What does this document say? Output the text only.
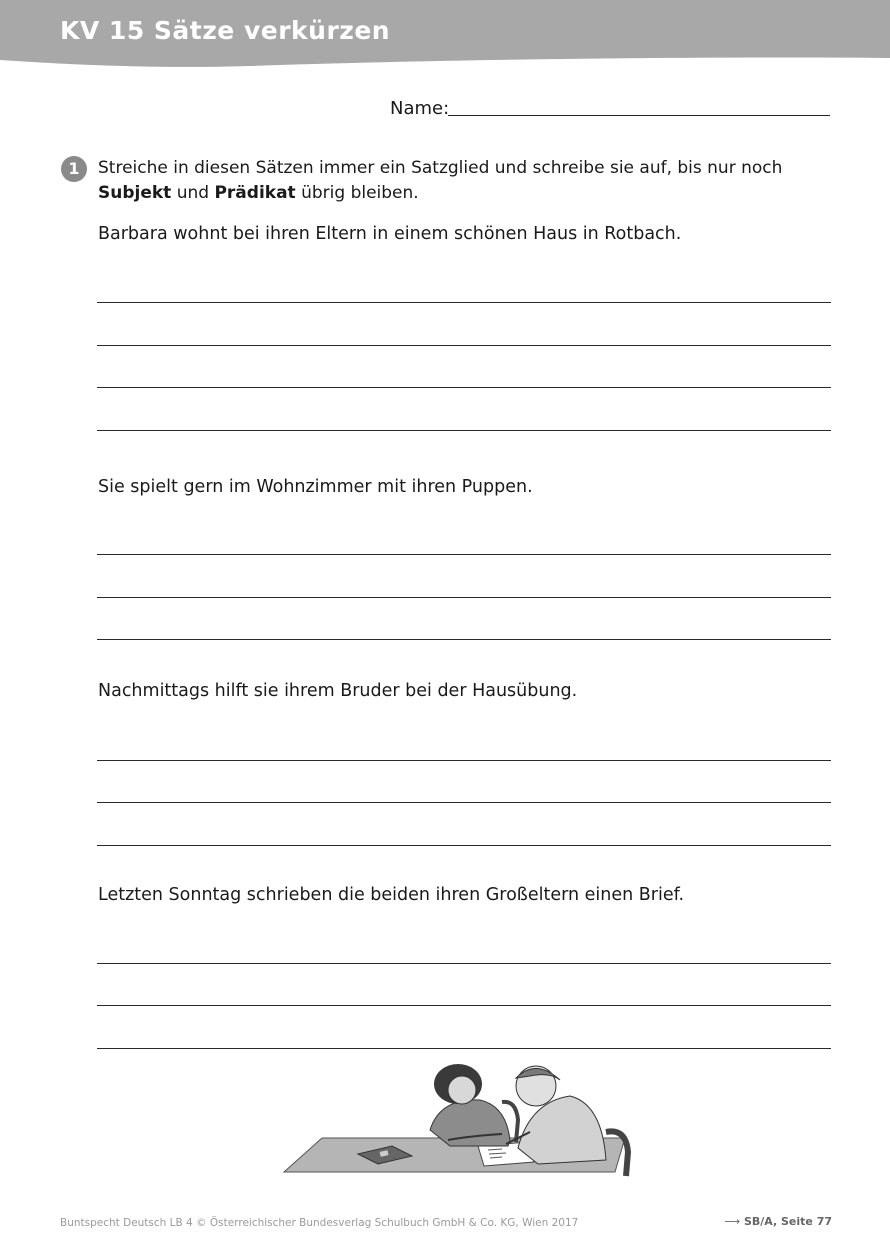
KV 15 Sätze verkürzen
Name:
1	Streiche in diesen Sätzen immer ein Satzglied und schreibe sie auf, bis nur noch Subjekt und Prädikat übrig bleiben.
Barbara wohnt bei ihren Eltern in einem schönen Haus in Rotbach.
Sie spielt gern im Wohnzimmer mit ihren Puppen.
Nachmittags hilft sie ihrem Bruder bei der Hausübung.
Letzten Sonntag schrieben die beiden ihren Großeltern einen Brief.
Buntspecht Deutsch LB 4 © Österreichischer Bundesverlag Schulbuch GmbH & Co. KG, Wien 2017	⟶ SB/A, Seite 77
